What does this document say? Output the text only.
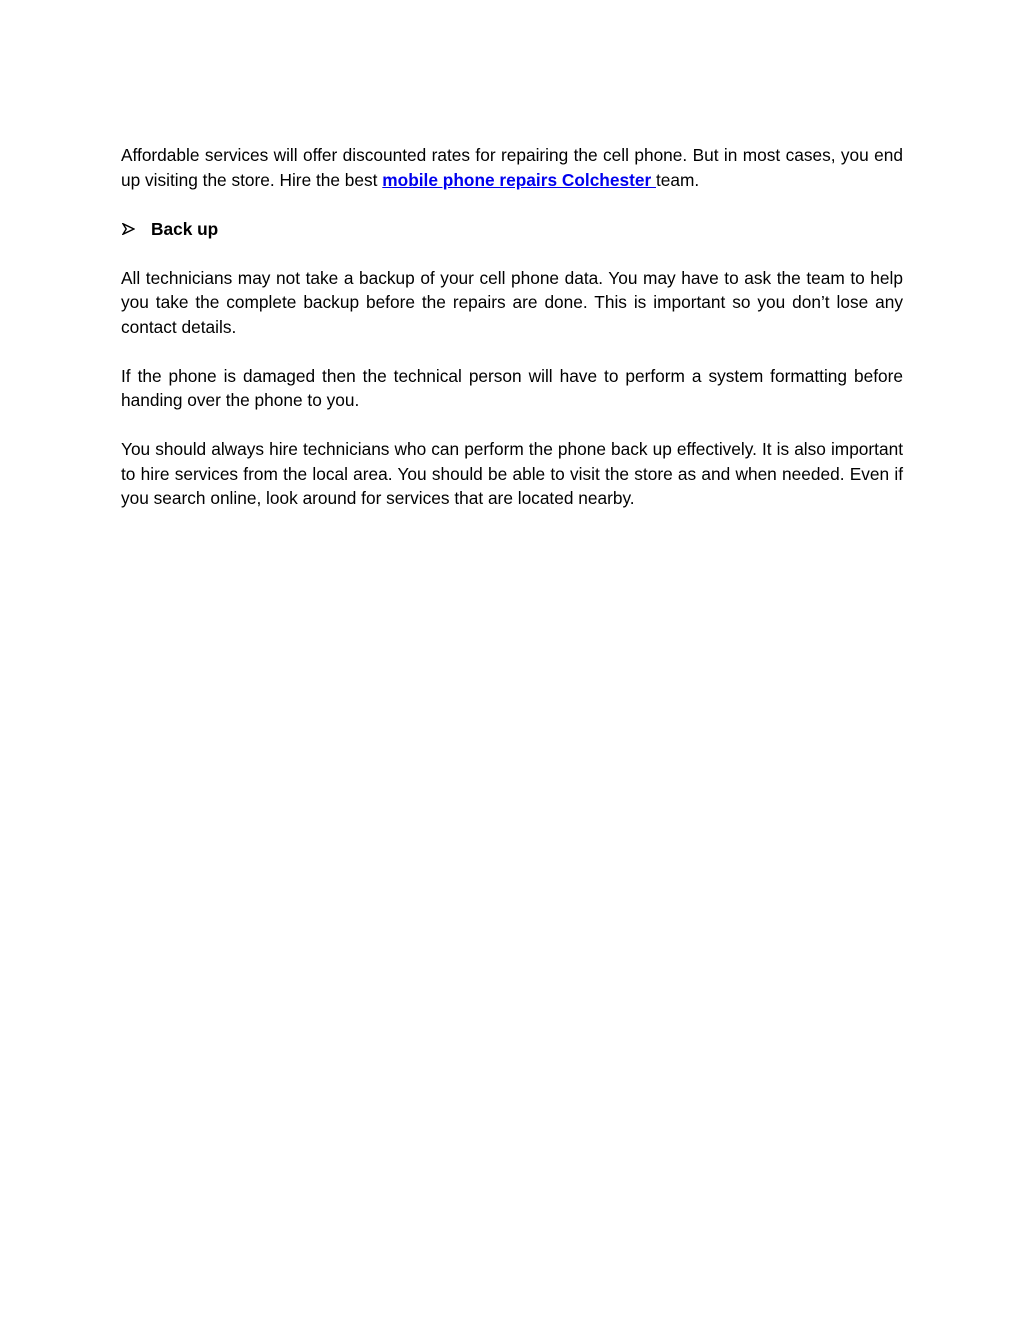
Affordable services will offer discounted rates for repairing the cell phone. But in most cases, you end up visiting the store. Hire the best mobile phone repairs Colchester team.

Back up

All technicians may not take a backup of your cell phone data. You may have to ask the team to help you take the complete backup before the repairs are done. This is important so you don’t lose any contact details.

If the phone is damaged then the technical person will have to perform a system formatting before handing over the phone to you.

You should always hire technicians who can perform the phone back up effectively. It is also important to hire services from the local area. You should be able to visit the store as and when needed. Even if you search online, look around for services that are located nearby.
